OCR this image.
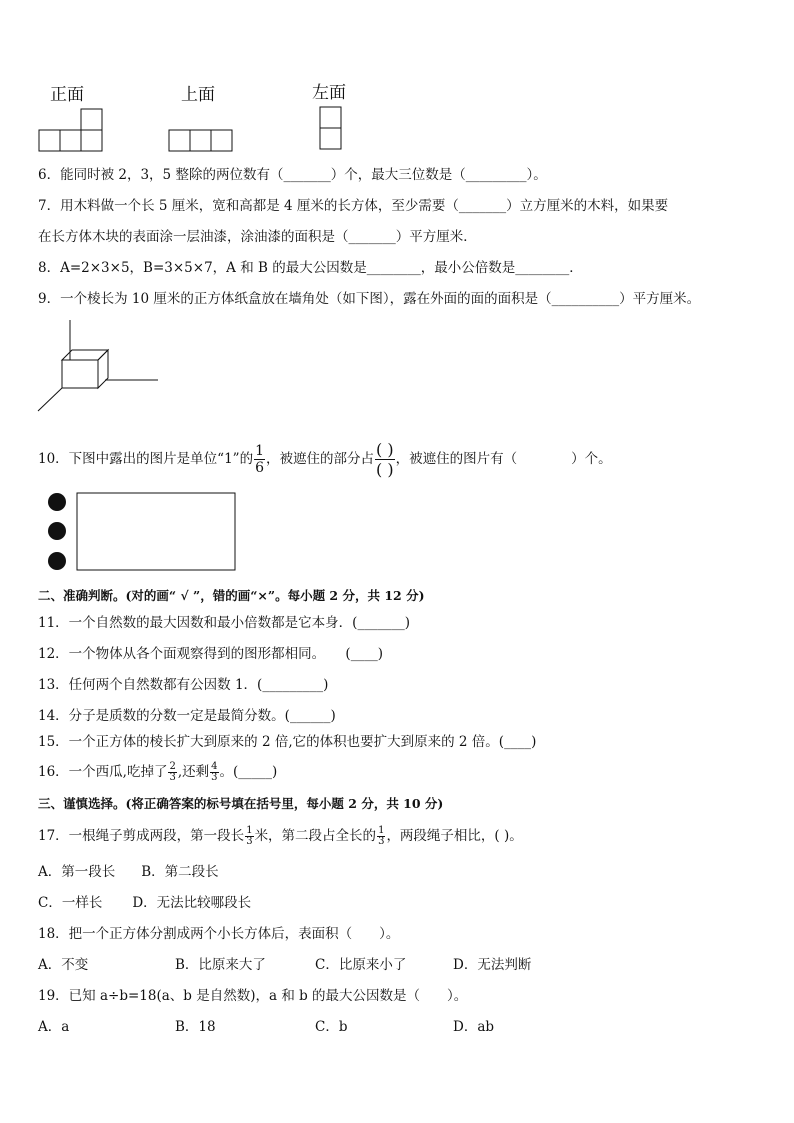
正面	上面	左面
6．能同时被 2，3，5 整除的两位数有（_______）个，最大三位数是（_________）。
7．用木料做一个长 5 厘米，宽和高都是 4 厘米的长方体，至少需要（_______）立方厘米的木料，如果要
在长方体木块的表面涂一层油漆，涂油漆的面积是（_______）平方厘米．
8．A=2×3×5，B=3×5×7，A 和 B 的最大公因数是________，最小公倍数是________．
9．一个棱长为 10 厘米的正方体纸盒放在墙角处（如下图），露在外面的面的面积是（__________）平方厘米。
10．下图中露出的图片是单位“1”的 $\frac{1}{6}$ ，被遮住的部分占 $\frac{( )}{( )}$ ，被遮住的图片有（　　　　）个。
二、准确判断。(对的画“ √ ”，错的画“×”。每小题 2 分，共 12 分)
11．一个自然数的最大因数和最小倍数都是它本身．(_______)
12．一个物体从各个面观察得到的图形都相同。　　(____)
13．任何两个自然数都有公因数 1．(_________)
14．分子是质数的分数一定是最简分数。(______)
15．一个正方体的棱长扩大到原来的 2 倍,它的体积也要扩大到原来的 2 倍。(____)
16．一个西瓜,吃掉了 $\frac{2}{3}$ ,还剩 $\frac{4}{3}$ 。(_____)
三、谨慎选择。(将正确答案的标号填在括号里，每小题 2 分，共 10 分)
17．一根绳子剪成两段，第一段长 $\frac{1}{3}$ 米，第二段占全长的 $\frac{1}{3}$ ，两段绳子相比，( )。
A．第一段长 B．第二段长
C．一样长 D．无法比较哪段长
18．把一个正方体分割成两个小长方体后，表面积（　　）。
A．不变	B．比原来大了	C．比原来小了	D．无法判断
19．已知 a÷b=18(a、b 是自然数)，a 和 b 的最大公因数是（　　）。
A．a	B．18	C．b	D．ab
